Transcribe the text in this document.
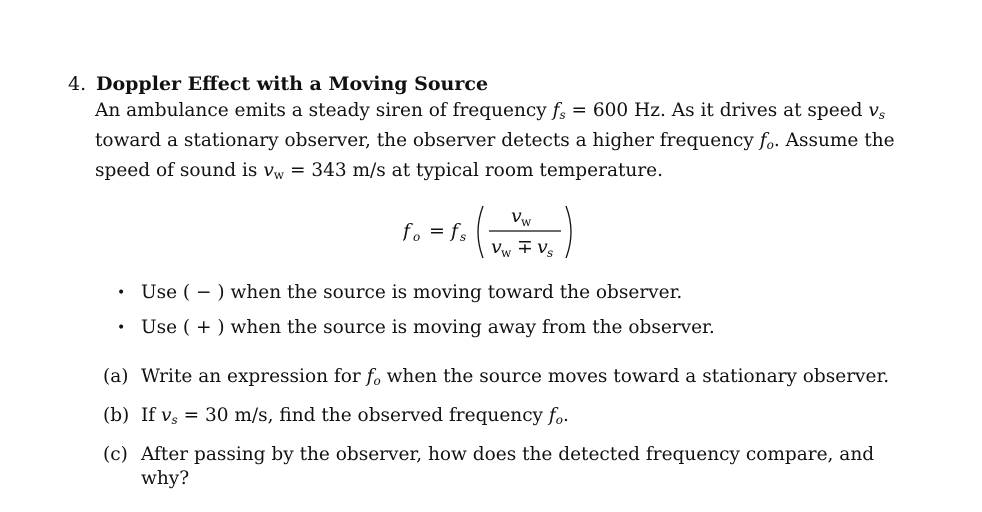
4. Doppler Effect with a Moving Source
An ambulance emits a steady siren of frequency $f_s = 600$ Hz. As it drives at speed $v_s$
toward a stationary observer, the observer detects a higher frequency $f_o$. Assume the
speed of sound is $v_w = 343$ m/s at typical room temperature.
f o = f s
v w
v w ∓ v s
• Use ( − ) when the source is moving toward the observer.
• Use ( + ) when the source is moving away from the observer.
(a) Write an expression for $f_o$ when the source moves toward a stationary observer.
(b) If $v_s = 30$ m/s, find the observed frequency $f_o$.
(c) After passing by the observer, how does the detected frequency compare, and
why?
